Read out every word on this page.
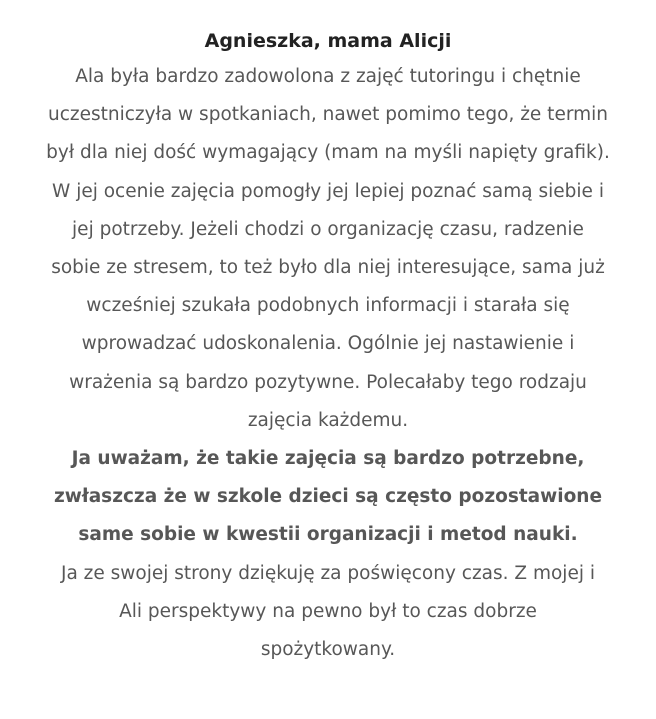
Agnieszka, mama Alicji
Ala była bardzo zadowolona z zajęć tutoringu i chętnie
uczestniczyła w spotkaniach, nawet pomimo tego, że termin
był dla niej dość wymagający (mam na myśli napięty grafik).
W jej ocenie zajęcia pomogły jej lepiej poznać samą siebie i
jej potrzeby. Jeżeli chodzi o organizację czasu, radzenie
sobie ze stresem, to też było dla niej interesujące, sama już
wcześniej szukała podobnych informacji i starała się
wprowadzać udoskonalenia. Ogólnie jej nastawienie i
wrażenia są bardzo pozytywne. Polecałaby tego rodzaju
zajęcia każdemu.
Ja uważam, że takie zajęcia są bardzo potrzebne,
zwłaszcza że w szkole dzieci są często pozostawione
same sobie w kwestii organizacji i metod nauki.
Ja ze swojej strony dziękuję za poświęcony czas. Z mojej i
Ali perspektywy na pewno był to czas dobrze
spożytkowany.
